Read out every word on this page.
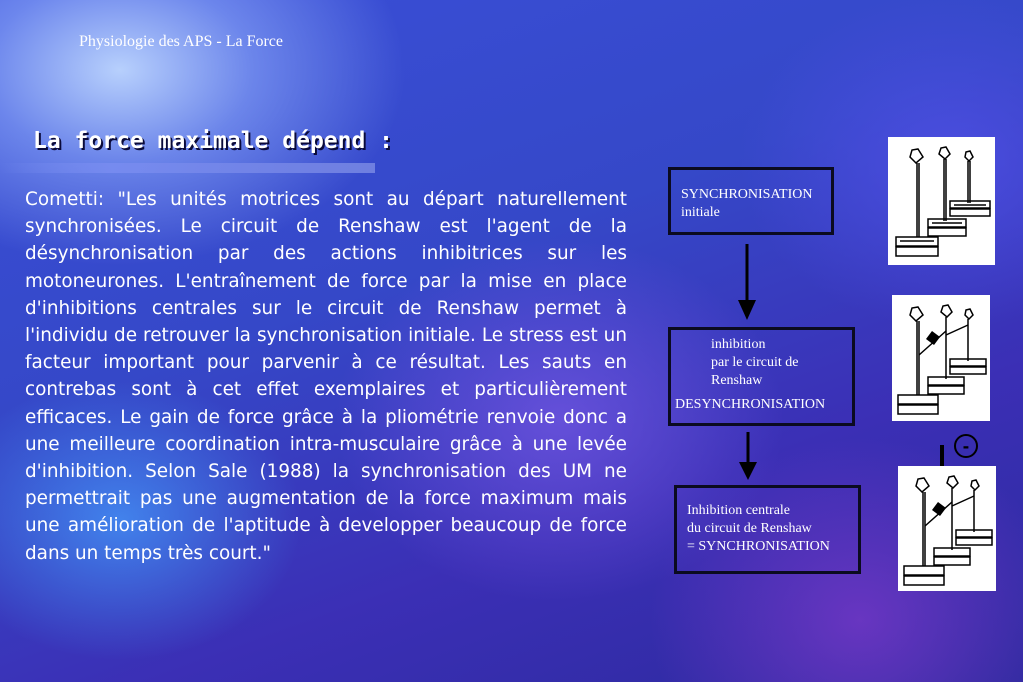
Physiologie des APS - La Force
La force maximale dépend :
Cometti: "Les unités motrices sont au départ naturellement synchronisées. Le circuit de Renshaw est l'agent de la désynchronisation par des actions inhibitrices sur les motoneurones. L'entraînement de force par la mise en place d'inhibitions centrales sur le circuit de Renshaw permet à l'individu de retrouver la synchronisation initiale. Le stress est un facteur important pour parvenir à ce résultat. Les sauts en contrebas sont à cet effet exemplaires et particulièrement efficaces. Le gain de force grâce à la pliométrie renvoie donc a une meilleure coordination intra-musculaire grâce à une levée d'inhibition. Selon Sale (1988) la synchronisation des UM ne permettrait pas une augmentation de la force maximum mais une amélioration de l'aptitude à developper beaucoup de force dans un temps très court."
SYNCHRONISATION
initiale
inhibition
par le circuit de
Renshaw
DESYNCHRONISATION
Inhibition centrale
du circuit de Renshaw
= SYNCHRONISATION
-
